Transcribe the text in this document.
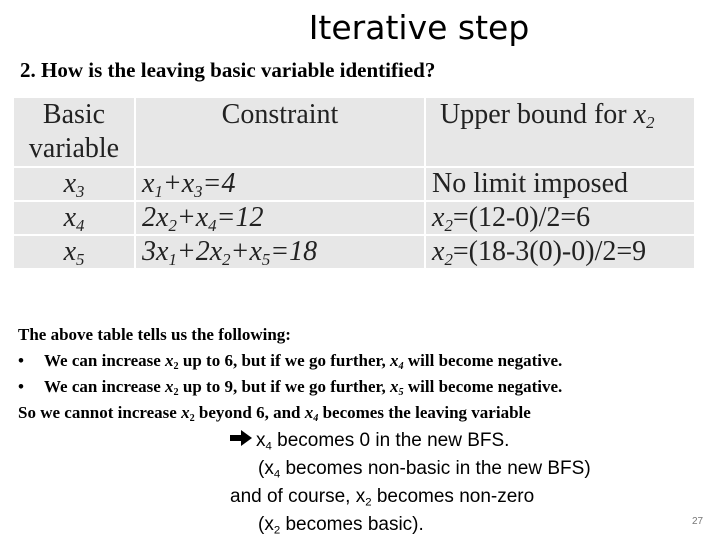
Iterative step
2. How is the leaving basic variable identified?
Basic
variable	Constraint	Upper bound for $x_2$
$x_3$	$x_1+x_3=4$	No limit imposed
$x_4$	$2x_2+x_4=12$	$x_2=(12-0)/2=6$
$x_5$	$3x_1+2x_2+x_5=18$	$x_2=(18-3(0)-0)/2=9$
The above table tells us the following:
• We can increase $x_2$ up to 6, but if we go further, $x_4$ will become negative.
• We can increase $x_2$ up to 9, but if we go further, $x_5$ will become negative.
So we cannot increase $x_2$ beyond 6, and $x_4$ becomes the leaving variable
$x_4$ becomes 0 in the new BFS.
($x_4$ becomes non-basic in the new BFS)
and of course, $x_2$ becomes non-zero
($x_2$ becomes basic).	27
